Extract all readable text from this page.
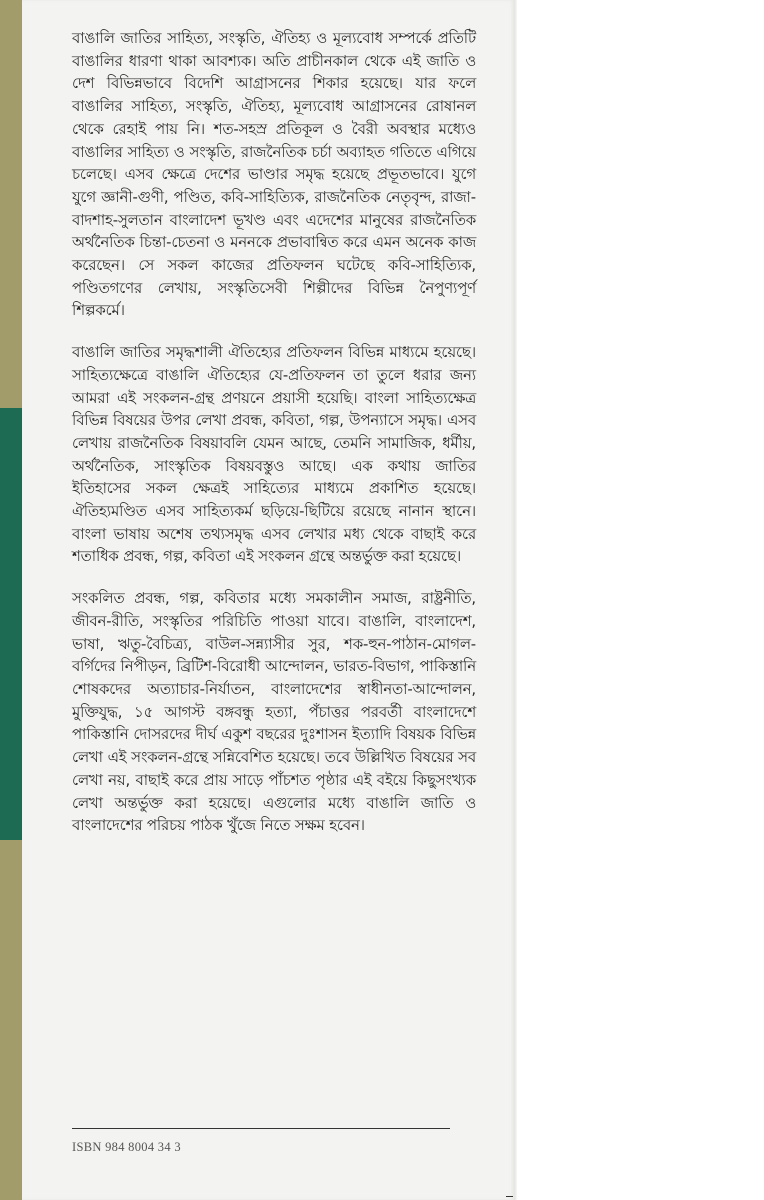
বাঙালি জাতির সাহিত্য, সংস্কৃতি, ঐতিহ্য ও মূল্যবোধ সম্পর্কে প্রতিটি বাঙালির ধারণা থাকা আবশ্যক। অতি প্রাচীনকাল থেকে এই জাতি ও দেশ বিভিন্নভাবে বিদেশি আগ্রাসনের শিকার হয়েছে। যার ফলে বাঙালির সাহিত্য, সংস্কৃতি, ঐতিহ্য, মূল্যবোধ আগ্রাসনের রোষানল থেকে রেহাই পায় নি। শত-সহস্র প্রতিকূল ও বৈরী অবস্থার মধ্যেও বাঙালির সাহিত্য ও সংস্কৃতি, রাজনৈতিক চর্চা অব্যাহত গতিতে এগিয়ে চলেছে। এসব ক্ষেত্রে দেশের ভাণ্ডার সমৃদ্ধ হয়েছে প্রভূতভাবে। যুগে যুগে জ্ঞানী-গুণী, পণ্ডিত, কবি-সাহিত্যিক, রাজনৈতিক নেতৃবৃন্দ, রাজা-বাদশাহ-সুলতান বাংলাদেশ ভূখণ্ড এবং এদেশের মানুষের রাজনৈতিক অর্থনৈতিক চিন্তা-চেতনা ও মননকে প্রভাবান্বিত করে এমন অনেক কাজ করেছেন। সে সকল কাজের প্রতিফলন ঘটেছে কবি-সাহিত্যিক, পণ্ডিতগণের লেখায়, সংস্কৃতিসেবী শিল্পীদের বিভিন্ন নৈপুণ্যপূর্ণ শিল্পকর্মে।

বাঙালি জাতির সমৃদ্ধশালী ঐতিহ্যের প্রতিফলন বিভিন্ন মাধ্যমে হয়েছে। সাহিত্যক্ষেত্রে বাঙালি ঐতিহ্যের যে-প্রতিফলন তা তুলে ধরার জন্য আমরা এই সংকলন-গ্রন্থ প্রণয়নে প্রয়াসী হয়েছি। বাংলা সাহিত্যক্ষেত্র বিভিন্ন বিষয়ের উপর লেখা প্রবন্ধ, কবিতা, গল্প, উপন্যাসে সমৃদ্ধ। এসব লেখায় রাজনৈতিক বিষয়াবলি যেমন আছে, তেমনি সামাজিক, ধর্মীয়, অর্থনৈতিক, সাংস্কৃতিক বিষয়বস্তুও আছে। এক কথায় জাতির ইতিহাসের সকল ক্ষেত্রই সাহিত্যের মাধ্যমে প্রকাশিত হয়েছে। ঐতিহ্যমণ্ডিত এসব সাহিত্যকর্ম ছড়িয়ে-ছিটিয়ে রয়েছে নানান স্থানে। বাংলা ভাষায় অশেষ তথ্যসমৃদ্ধ এসব লেখার মধ্য থেকে বাছাই করে শতাধিক প্রবন্ধ, গল্প, কবিতা এই সংকলন গ্রন্থে অন্তর্ভুক্ত করা হয়েছে।

সংকলিত প্রবন্ধ, গল্প, কবিতার মধ্যে সমকালীন সমাজ, রাষ্ট্রনীতি, জীবন-রীতি, সংস্কৃতির পরিচিতি পাওয়া যাবে। বাঙালি, বাংলাদেশ, ভাষা, ঋতু-বৈচিত্র্য, বাউল-সন্ন্যাসীর সুর, শক-হুন-পাঠান-মোগল-বর্গিদের নিপীড়ন, ব্রিটিশ-বিরোধী আন্দোলন, ভারত-বিভাগ, পাকিস্তানি শোষকদের অত্যাচার-নির্যাতন, বাংলাদেশের স্বাধীনতা-আন্দোলন, মুক্তিযুদ্ধ, ১৫ আগস্ট বঙ্গবন্ধু হত্যা, পঁচাত্তর পরবর্তী বাংলাদেশে পাকিস্তানি দোসরদের দীর্ঘ একুশ বছরের দুঃশাসন ইত্যাদি বিষয়ক বিভিন্ন লেখা এই সংকলন-গ্রন্থে সন্নিবেশিত হয়েছে। তবে উল্লিখিত বিষয়ের সব লেখা নয়, বাছাই করে প্রায় সাড়ে পাঁচশত পৃষ্ঠার এই বইয়ে কিছুসংখ্যক লেখা অন্তর্ভুক্ত করা হয়েছে। এগুলোর মধ্যে বাঙালি জাতি ও বাংলাদেশের পরিচয় পাঠক খুঁজে নিতে সক্ষম হবেন।

ISBN 984 8004 34 3
